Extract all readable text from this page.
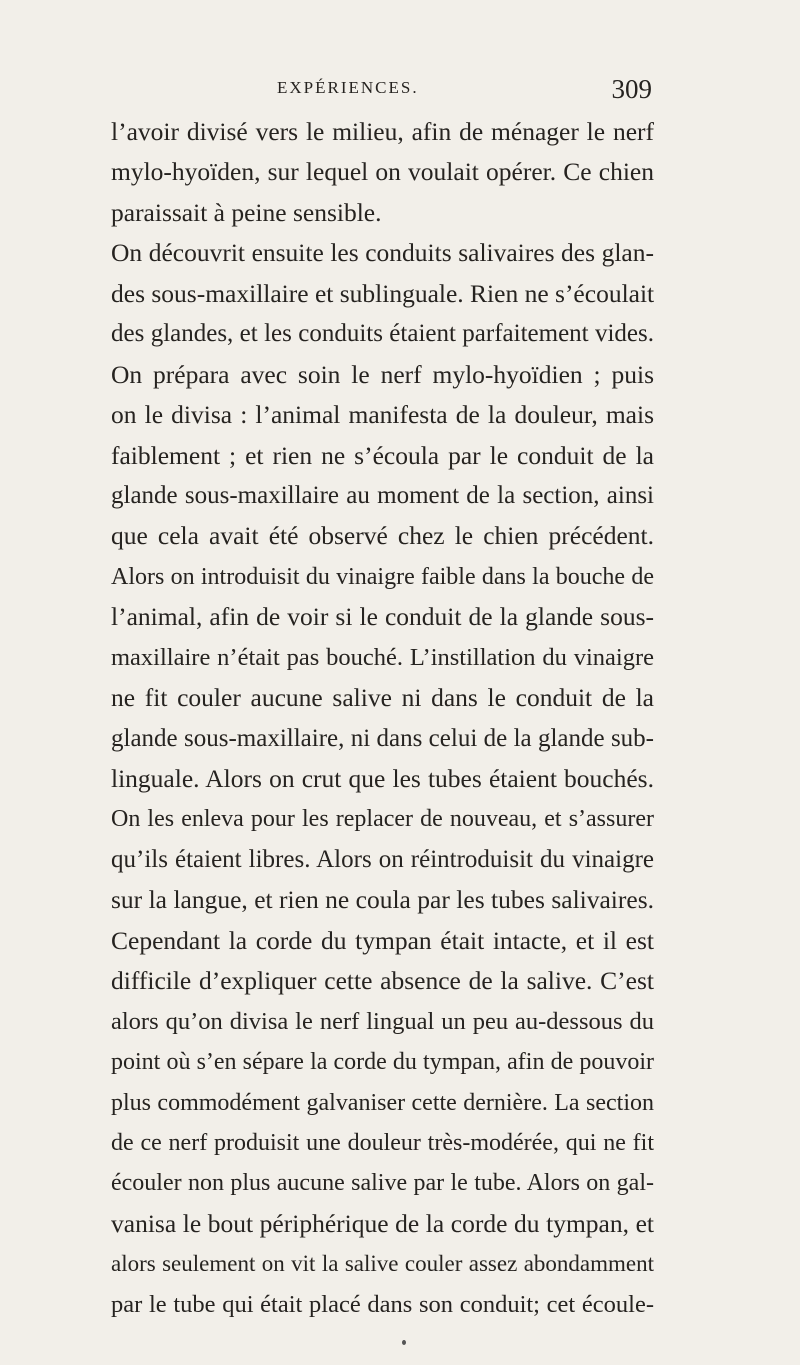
EXPÉRIENCES.	309
l’avoir divisé vers le milieu, afin de ménager le nerf
mylo-hyoïden, sur lequel on voulait opérer. Ce chien
paraissait à peine sensible.
On découvrit ensuite les conduits salivaires des glan-
des sous-maxillaire et sublinguale. Rien ne s’écoulait
des glandes, et les conduits étaient parfaitement vides.
On prépara avec soin le nerf mylo-hyoïdien ; puis
on le divisa : l’animal manifesta de la douleur, mais
faiblement ; et rien ne s’écoula par le conduit de la
glande sous-maxillaire au moment de la section, ainsi
que cela avait été observé chez le chien précédent.
Alors on introduisit du vinaigre faible dans la bouche de
l’animal, afin de voir si le conduit de la glande sous-
maxillaire n’était pas bouché. L’instillation du vinaigre
ne fit couler aucune salive ni dans le conduit de la
glande sous-maxillaire, ni dans celui de la glande sub-
linguale. Alors on crut que les tubes étaient bouchés.
On les enleva pour les replacer de nouveau, et s’assurer
qu’ils étaient libres. Alors on réintroduisit du vinaigre
sur la langue, et rien ne coula par les tubes salivaires.
Cependant la corde du tympan était intacte, et il est
difficile d’expliquer cette absence de la salive. C’est
alors qu’on divisa le nerf lingual un peu au-dessous du
point où s’en sépare la corde du tympan, afin de pouvoir
plus commodément galvaniser cette dernière. La section
de ce nerf produisit une douleur très-modérée, qui ne fit
écouler non plus aucune salive par le tube. Alors on gal-
vanisa le bout périphérique de la corde du tympan, et
alors seulement on vit la salive couler assez abondamment
par le tube qui était placé dans son conduit; cet écoule-
